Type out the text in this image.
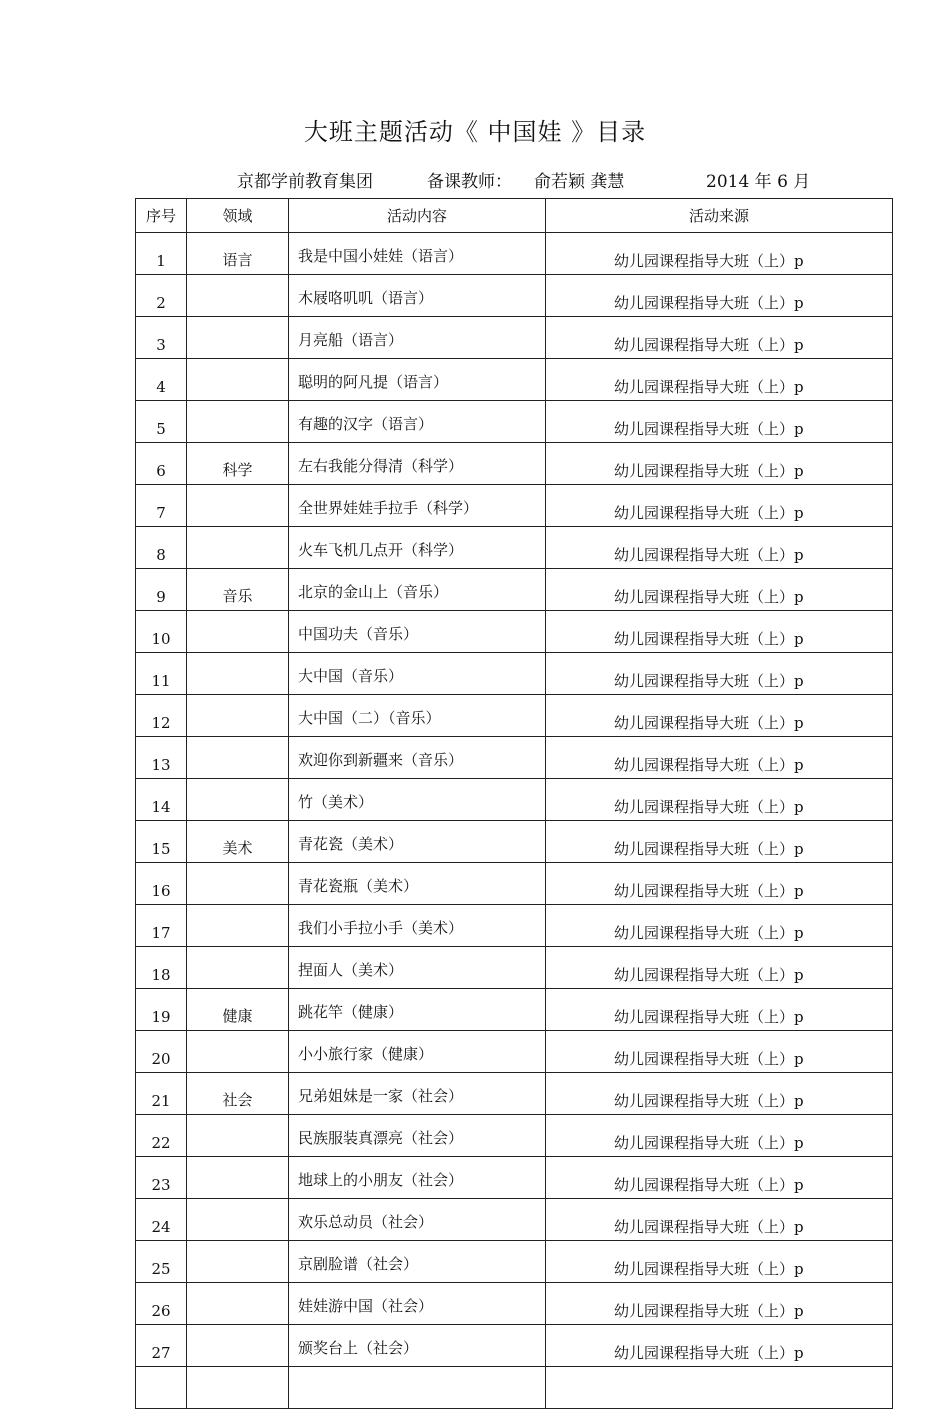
大班主题活动《 中国娃 》目录
京都学前教育集团	备课教师： 俞若颖 龚慧	2014 年 6 月
序号	领域	活动内容	活动来源
1	语言	我是中国小娃娃（语言）	幼儿园课程指导大班（上）p
2		木屐咯叽叽（语言）	幼儿园课程指导大班（上）p
3		月亮船（语言）	幼儿园课程指导大班（上）p
4		聪明的阿凡提（语言）	幼儿园课程指导大班（上）p
5		有趣的汉字（语言）	幼儿园课程指导大班（上）p
6	科学	左右我能分得清（科学）	幼儿园课程指导大班（上）p
7		全世界娃娃手拉手（科学）	幼儿园课程指导大班（上）p
8		火车飞机几点开（科学）	幼儿园课程指导大班（上）p
9	音乐	北京的金山上（音乐）	幼儿园课程指导大班（上）p
10		中国功夫（音乐）	幼儿园课程指导大班（上）p
11		大中国（音乐）	幼儿园课程指导大班（上）p
12		大中国（二）（音乐）	幼儿园课程指导大班（上）p
13		欢迎你到新疆来（音乐）	幼儿园课程指导大班（上）p
14		竹（美术）	幼儿园课程指导大班（上）p
15	美术	青花瓷（美术）	幼儿园课程指导大班（上）p
16		青花瓷瓶（美术）	幼儿园课程指导大班（上）p
17		我们小手拉小手（美术）	幼儿园课程指导大班（上）p
18		捏面人（美术）	幼儿园课程指导大班（上）p
19	健康	跳花竿（健康）	幼儿园课程指导大班（上）p
20		小小旅行家（健康）	幼儿园课程指导大班（上）p
21	社会	兄弟姐妹是一家（社会）	幼儿园课程指导大班（上）p
22		民族服装真漂亮（社会）	幼儿园课程指导大班（上）p
23		地球上的小朋友（社会）	幼儿园课程指导大班（上）p
24		欢乐总动员（社会）	幼儿园课程指导大班（上）p
25		京剧脸谱（社会）	幼儿园课程指导大班（上）p
26		娃娃游中国（社会）	幼儿园课程指导大班（上）p
27		颁奖台上（社会）	幼儿园课程指导大班（上）p
